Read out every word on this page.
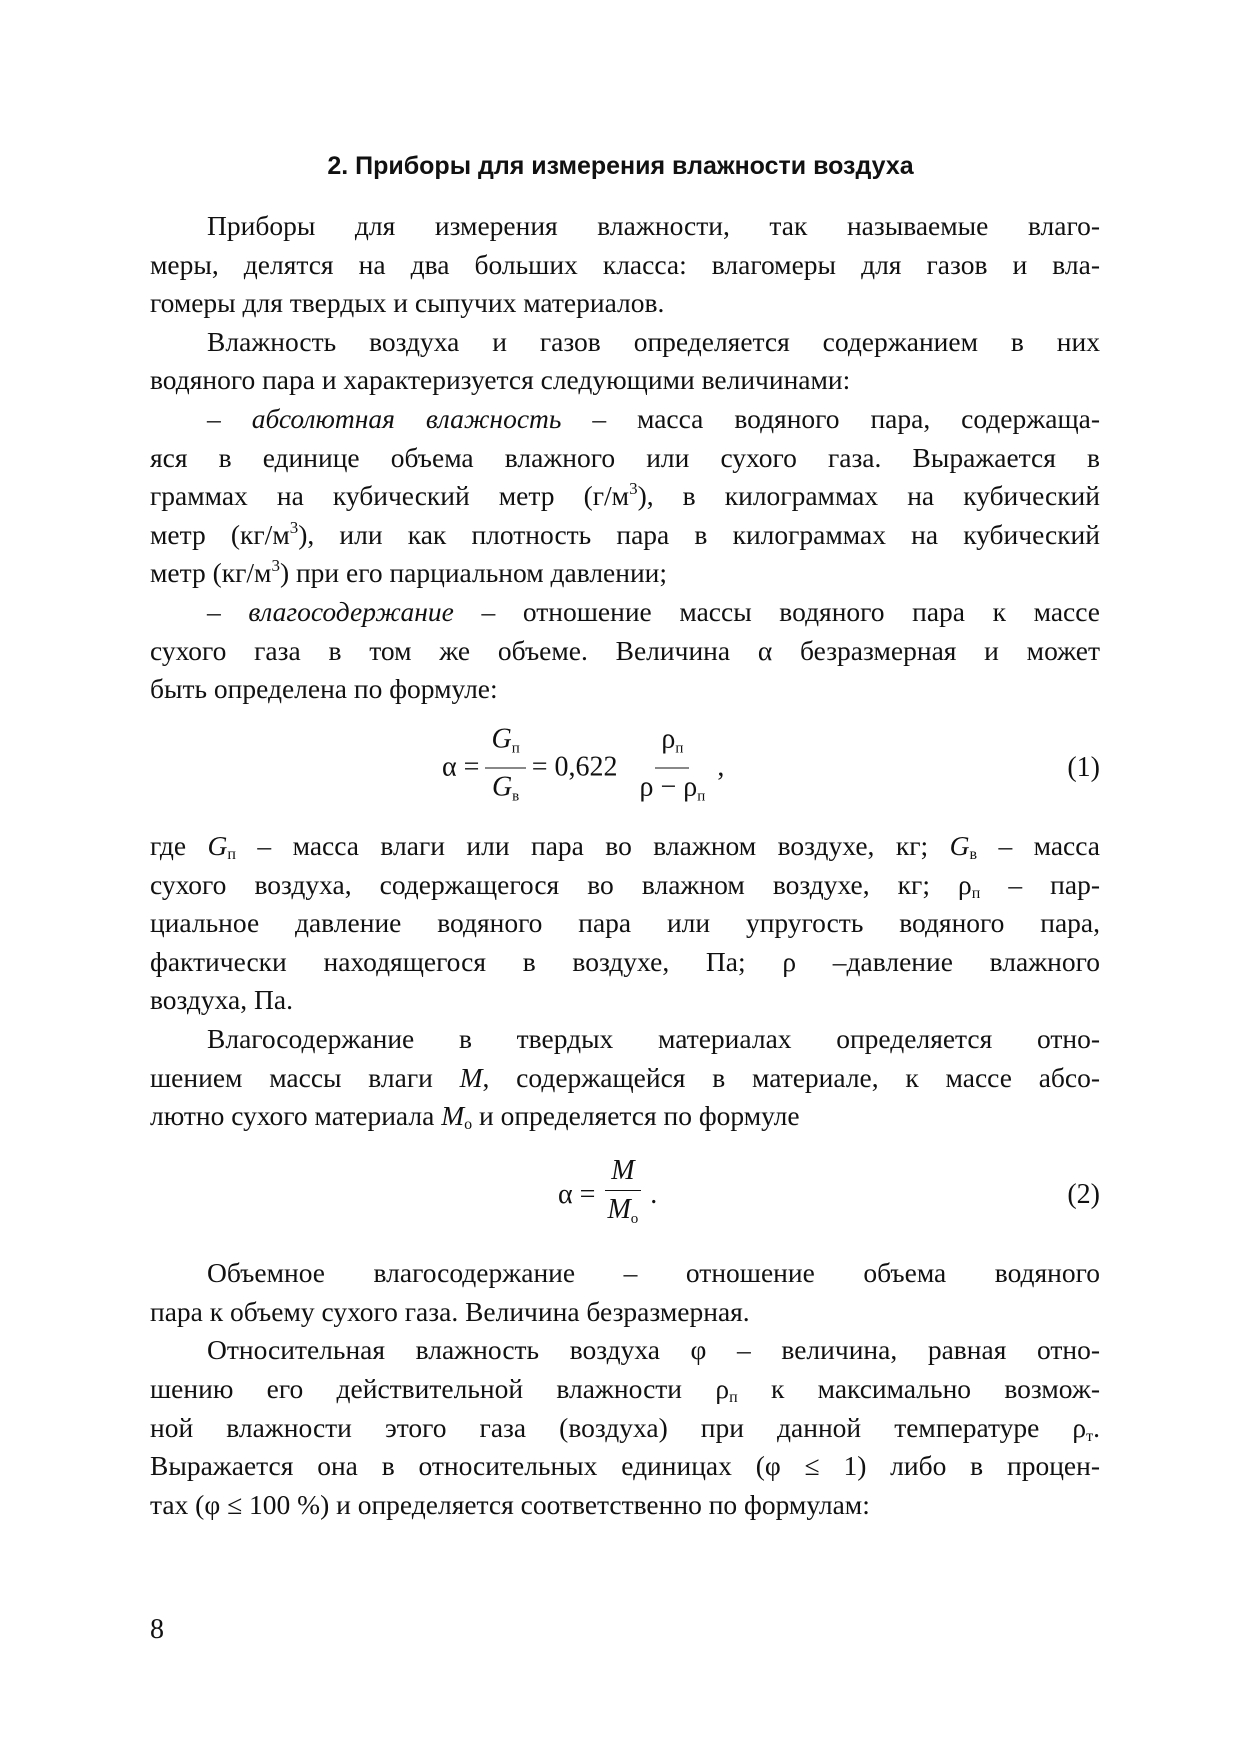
2. Приборы для измерения влажности воздуха
Приборы для измерения влажности, так называемые влаго-
меры, делятся на два больших класса: влагомеры для газов и вла-
гомеры для твердых и сыпучих материалов.
Влажность воздуха и газов определяется содержанием в них
водяного пара и характеризуется следующими величинами:
– абсолютная влажность – масса водяного пара, содержаща-
яся в единице объема влажного или сухого газа. Выражается в
граммах на кубический метр $(г/м^3)$, в килограммах на кубический
метр $(кг/м^3)$, или как плотность пара в килограммах на кубический
метр $(кг/м^3)$ при его парциальном давлении;
– влагосодержание – отношение массы водяного пара к массе
сухого газа в том же объеме. Величина α безразмерная и может
быть определена по формуле:
$\alpha = \frac{Gп}{Gв} = 0,622 \frac{\rho п}{\rho - \rho п}$ ,	(1)
где $G_п$ – масса влаги или пара во влажном воздухе, кг; $G_в$ – масса
сухого воздуха, содержащегося во влажном воздухе, кг; $\rho_п - пар-$
циальное давление водяного пара или упругость водяного пара,
фактически находящегося в воздухе, Па; ρ –давление влажного
воздуха, Па.
Влагосодержание в твердых материалах определяется отно-
шением массы влаги M, содержащейся в материале, к массе абсо-
лютно сухого материала $M_о$ и определяется по формуле
$\alpha = \frac{M}{Mо}$ .	(2)
Объемное влагосодержание – отношение объема водяного
пара к объему сухого газа. Величина безразмерная.
Относительная влажность воздуха φ – величина, равная отно-
шению его действительной влажности $\rho_п$ к максимально возмож-
ной влажности этого газа (воздуха) при данной температуре $\rho_т$.
Выражается она в относительных единицах (φ ≤ 1) либо в процен-
тах (φ ≤ 100 %) и определяется соответственно по формулам:
8
